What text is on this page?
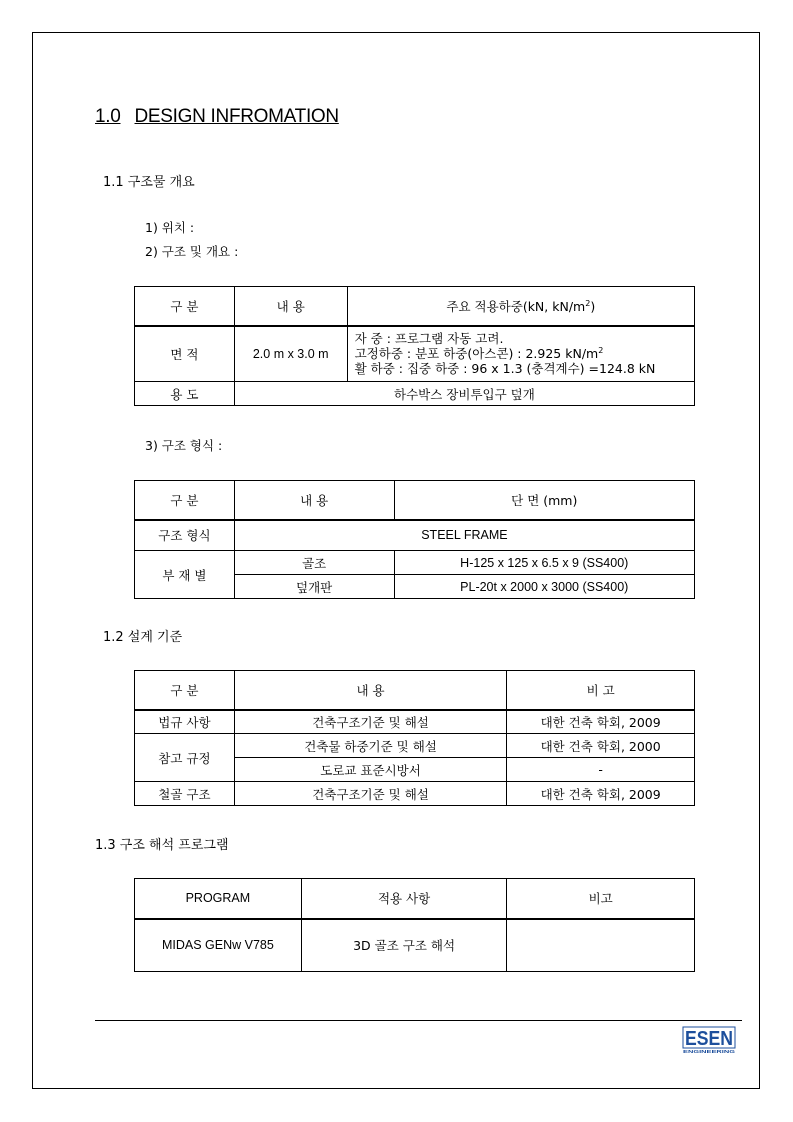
1.0 DESIGN INFROMATION
1.1 구조물 개요
1) 위치 :
2) 구조 및 개요 :
구 분	내 용	주요 적용하중(kN, $kN/m^2$)
면 적	2.0 m x 3.0 m	자 중 : 프로그램 자동 고려.
고정하중 : 분포 하중(아스콘) : 2.925 $kN/m^2$
활 하중 : 집중 하중 : 96 x 1.3 (충격계수) =124.8 kN

용 도	하수박스 장비투입구 덮개	
3) 구조 형식 :
구 분	내 용	단 면 (mm)
구조 형식	STEEL FRAME	
부 재 별	골조	H-125 x 125 x 6.5 x 9 (SS400)
	덮개판	PL-20t x 2000 x 3000 (SS400)
1.2 설계 기준
구 분	내 용	비 고
법규 사항	건축구조기준 및 해설	대한 건축 학회, 2009
참고 규정	건축물 하중기준 및 해설	대한 건축 학회, 2000
	도로교 표준시방서	-
철골 구조	건축구조기준 및 해설	대한 건축 학회, 2009
1.3 구조 해석 프로그램
PROGRAM	적용 사항	비고
MIDAS GENw V785	3D 골조 구조 해석	
ESEN
ENGINEERING
